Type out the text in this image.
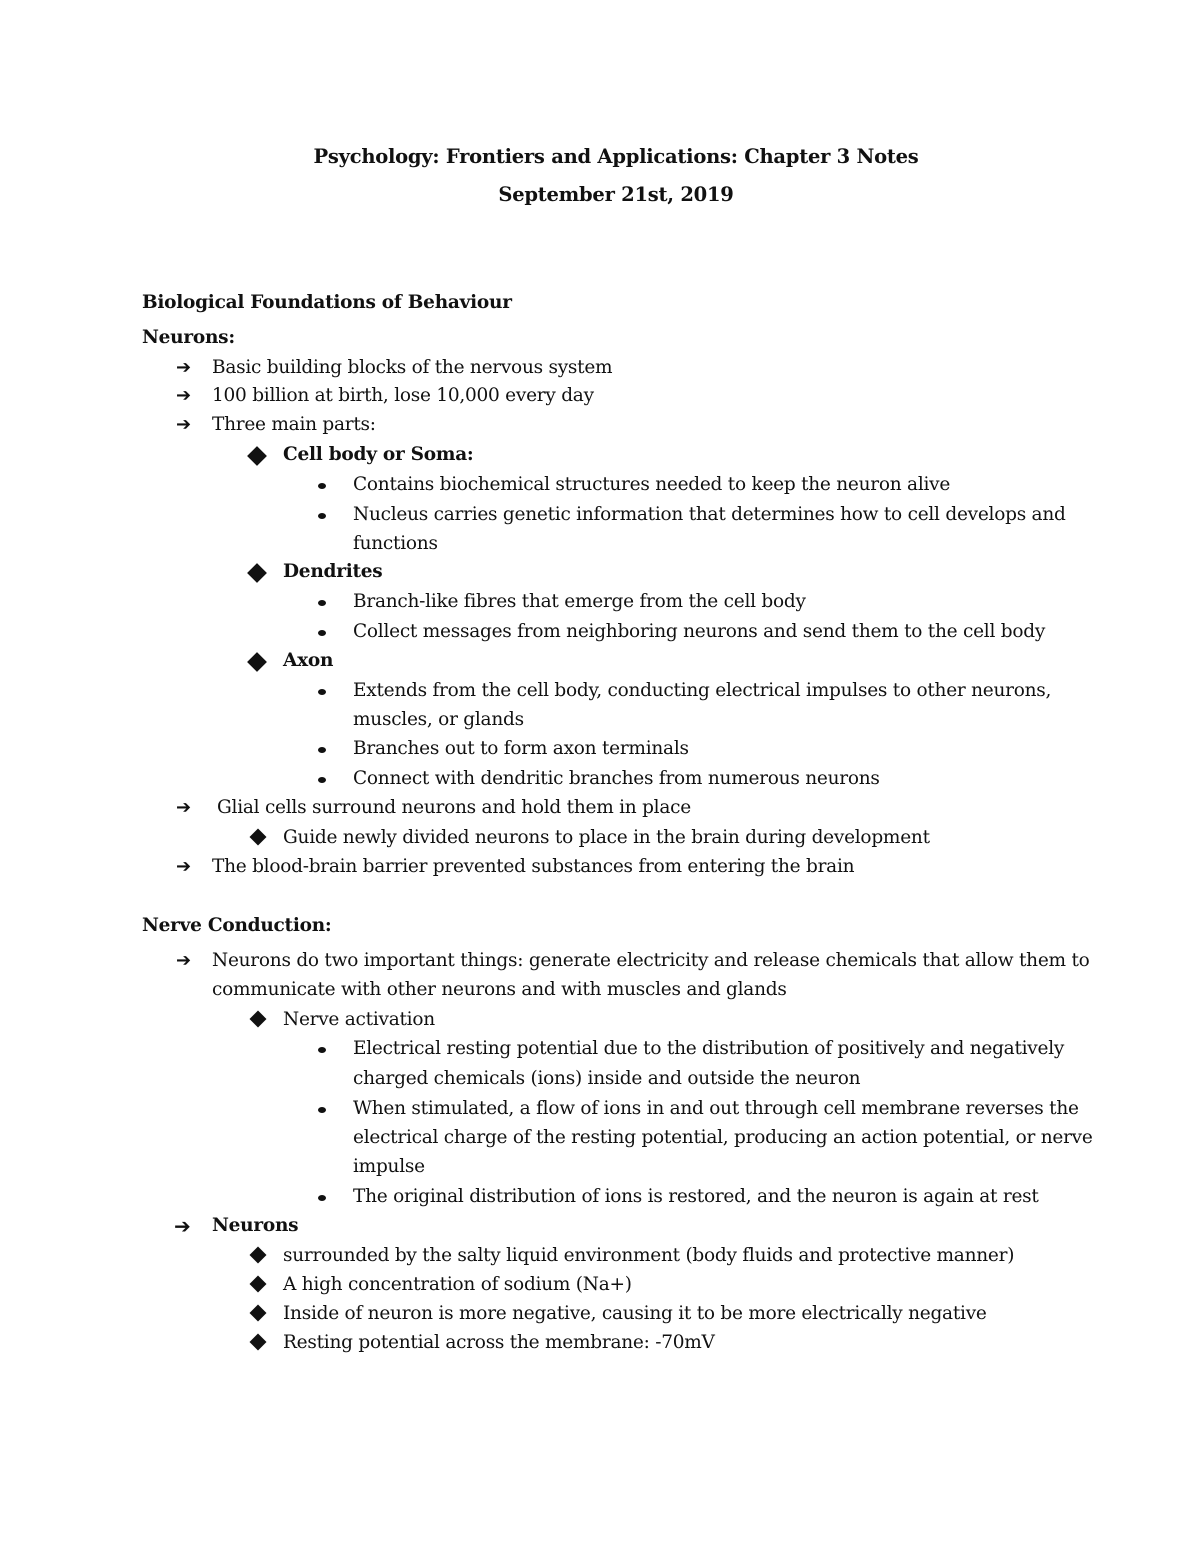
Psychology: Frontiers and Applications: Chapter 3 Notes
September 21st, 2019
Biological Foundations of Behaviour
Neurons:
➔ Basic building blocks of the nervous system
➔ 100 billion at birth, lose 10,000 every day
➔ Three main parts:
Cell body or Soma:
Contains biochemical structures needed to keep the neuron alive
Nucleus carries genetic information that determines how to cell develops and
functions
Dendrites
Branch-like fibres that emerge from the cell body
Collect messages from neighboring neurons and send them to the cell body
Axon
Extends from the cell body, conducting electrical impulses to other neurons,
muscles, or glands
Branches out to form axon terminals
Connect with dendritic branches from numerous neurons
➔ Glial cells surround neurons and hold them in place
Guide newly divided neurons to place in the brain during development
➔ The blood-brain barrier prevented substances from entering the brain
Nerve Conduction:
➔ Neurons do two important things: generate electricity and release chemicals that allow them to
communicate with other neurons and with muscles and glands
Nerve activation
Electrical resting potential due to the distribution of positively and negatively
charged chemicals (ions) inside and outside the neuron
When stimulated, a flow of ions in and out through cell membrane reverses the
electrical charge of the resting potential, producing an action potential, or nerve
impulse
The original distribution of ions is restored, and the neuron is again at rest
➔ Neurons
surrounded by the salty liquid environment (body fluids and protective manner)
A high concentration of sodium (Na+)
Inside of neuron is more negative, causing it to be more electrically negative
Resting potential across the membrane: -70mV
